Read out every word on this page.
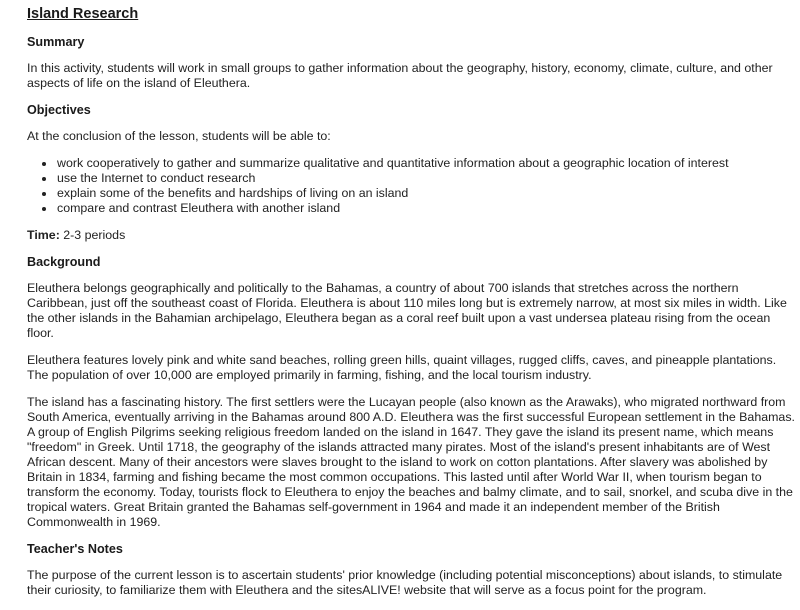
Island Research
Summary

In this activity, students will work in small groups to gather information about the geography, history, economy, climate, culture, and other aspects of life on the island of Eleuthera.

Objectives

At the conclusion of the lesson, students will be able to:

work cooperatively to gather and summarize qualitative and quantitative information about a geographic location of interest
use the Internet to conduct research
explain some of the benefits and hardships of living on an island
compare and contrast Eleuthera with another island

Time: 2-3 periods

Background

Eleuthera belongs geographically and politically to the Bahamas, a country of about 700 islands that stretches across the northern Caribbean, just off the southeast coast of Florida. Eleuthera is about 110 miles long but is extremely narrow, at most six miles in width. Like the other islands in the Bahamian archipelago, Eleuthera began as a coral reef built upon a vast undersea plateau rising from the ocean floor.

Eleuthera features lovely pink and white sand beaches, rolling green hills, quaint villages, rugged cliffs, caves, and pineapple plantations. The population of over 10,000 are employed primarily in farming, fishing, and the local tourism industry.

The island has a fascinating history. The first settlers were the Lucayan people (also known as the Arawaks), who migrated northward from South America, eventually arriving in the Bahamas around 800 A.D. Eleuthera was the first successful European settlement in the Bahamas. A group of English Pilgrims seeking religious freedom landed on the island in 1647. They gave the island its present name, which means "freedom" in Greek. Until 1718, the geography of the islands attracted many pirates. Most of the island's present inhabitants are of West African descent. Many of their ancestors were slaves brought to the island to work on cotton plantations. After slavery was abolished by Britain in 1834, farming and fishing became the most common occupations. This lasted until after World War II, when tourism began to transform the economy. Today, tourists flock to Eleuthera to enjoy the beaches and balmy climate, and to sail, snorkel, and scuba dive in the tropical waters. Great Britain granted the Bahamas self-government in 1964 and made it an independent member of the British Commonwealth in 1969.

Teacher's Notes

The purpose of the current lesson is to ascertain students' prior knowledge (including potential misconceptions) about islands, to stimulate their curiosity, to familiarize them with Eleuthera and the sitesALIVE! website that will serve as a focus point for the program.
